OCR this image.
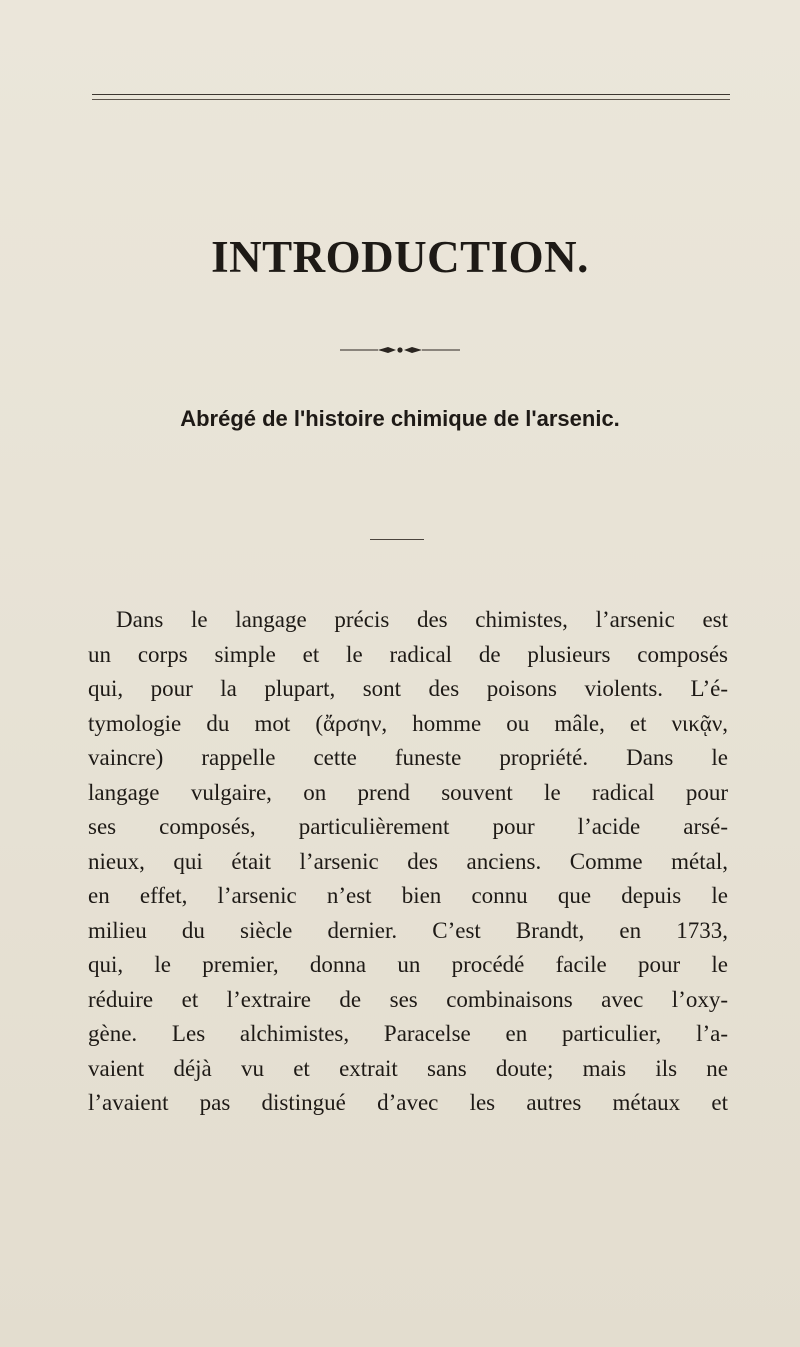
INTRODUCTION.
Abrégé de l'histoire chimique de l'arsenic.
Dans le langage précis des chimistes, l’arsenic est
un corps simple et le radical de plusieurs composés
qui, pour la plupart, sont des poisons violents. L’é-
tymologie du mot (ἄρσην, homme ou mâle, et νικᾷν,
vaincre) rappelle cette funeste propriété. Dans le
langage vulgaire, on prend souvent le radical pour
ses composés, particulièrement pour l’acide arsé-
nieux, qui était l’arsenic des anciens. Comme métal,
en effet, l’arsenic n’est bien connu que depuis le
milieu du siècle dernier. C’est Brandt, en 1733,
qui, le premier, donna un procédé facile pour le
réduire et l’extraire de ses combinaisons avec l’oxy-
gène. Les alchimistes, Paracelse en particulier, l’a-
vaient déjà vu et extrait sans doute; mais ils ne
l’avaient pas distingué d’avec les autres métaux et
